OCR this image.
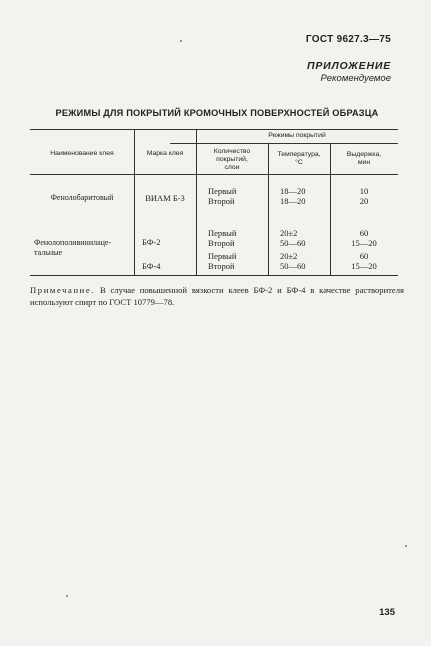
ГОСТ 9627.3—75
ПРИЛОЖЕНИЕ
Рекомендуемое
РЕЖИМЫ ДЛЯ ПОКРЫТИЙ КРОМОЧНЫХ ПОВЕРХНОСТЕЙ ОБРАЗЦА
Наименование клея	Марка клея
Режимы покрытий
Количество
покрытий,
слои
Температура,
°С
Выдержка,
мин
Фенолобаритовый	ВИАМ Б-3
Первый
Второй
18—20
18—20
10
20
Фенолополивинилаце-
тальные
БФ-2
Первый
Второй
20±2
50—60
60
15—20
БФ-4
Первый
Второй
20±2
50—60
60
15—20
Примечание. В случае повышенной вязкости клеев БФ-2 и БФ-4 в качестве растворителя используют спирт по ГОСТ 10779—78.
135
